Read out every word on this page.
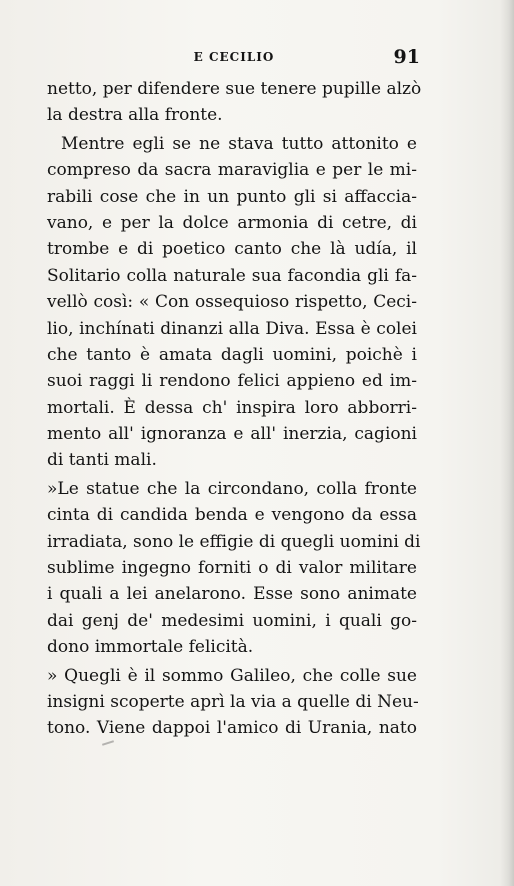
E CECILIO	91
netto, per difendere sue tenere pupille alzò
la destra alla fronte.
Mentre egli se ne stava tutto attonito e
compreso da sacra maraviglia e per le mi-
rabili cose che in un punto gli si affaccia-
vano, e per la dolce armonia di cetre, di
trombe e di poetico canto che là udía, il
Solitario colla naturale sua facondia gli fa-
vellò così: « Con ossequioso rispetto, Ceci-
lio, inchínati dinanzi alla Diva. Essa è colei
che tanto è amata dagli uomini, poichè i
suoi raggi li rendono felici appieno ed im-
mortali. È dessa ch' inspira loro abborri-
mento all' ignoranza e all' inerzia, cagioni
di tanti mali.
»Le statue che la circondano, colla fronte
cinta di candida benda e vengono da essa
irradiata, sono le effigie di quegli uomini di
sublime ingegno forniti o di valor militare
i quali a lei anelarono. Esse sono animate
dai genj de' medesimi uomini, i quali go-
dono immortale felicità.
» Quegli è il sommo Galileo, che colle sue
insigni scoperte aprì la via a quelle di Neu-
tono. Viene dappoi l'amico di Urania, nato
